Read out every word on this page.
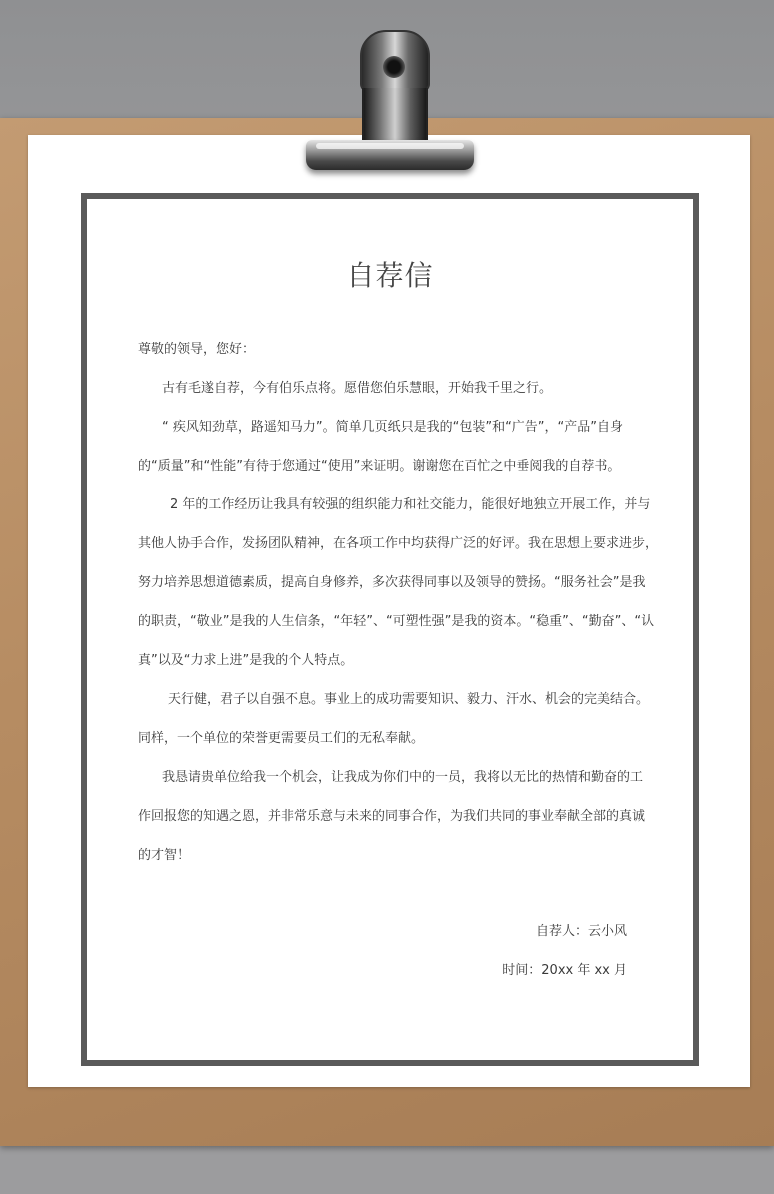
自荐信
尊敬的领导，您好：
古有毛遂自荐，今有伯乐点将。愿借您伯乐慧眼，开始我千里之行。
“ 疾风知劲草，路遥知马力”。简单几页纸只是我的“包装”和“广告”，“产品”自身
的“质量”和“性能”有待于您通过“使用”来证明。谢谢您在百忙之中垂阅我的自荐书。
2 年的工作经历让我具有较强的组织能力和社交能力，能很好地独立开展工作，并与
其他人协手合作，发扬团队精神，在各项工作中均获得广泛的好评。我在思想上要求进步，
努力培养思想道德素质，提高自身修养，多次获得同事以及领导的赞扬。“服务社会”是我
的职责，“敬业”是我的人生信条，“年轻”、“可塑性强”是我的资本。“稳重”、“勤奋”、“认
真”以及“力求上进”是我的个人特点。
天行健，君子以自强不息。事业上的成功需要知识、毅力、汗水、机会的完美结合。
同样，一个单位的荣誉更需要员工们的无私奉献。
我恳请贵单位给我一个机会，让我成为你们中的一员，我将以无比的热情和勤奋的工
作回报您的知遇之恩，并非常乐意与未来的同事合作，为我们共同的事业奉献全部的真诚
的才智！
自荐人：云小风
时间：20xx 年 xx 月
